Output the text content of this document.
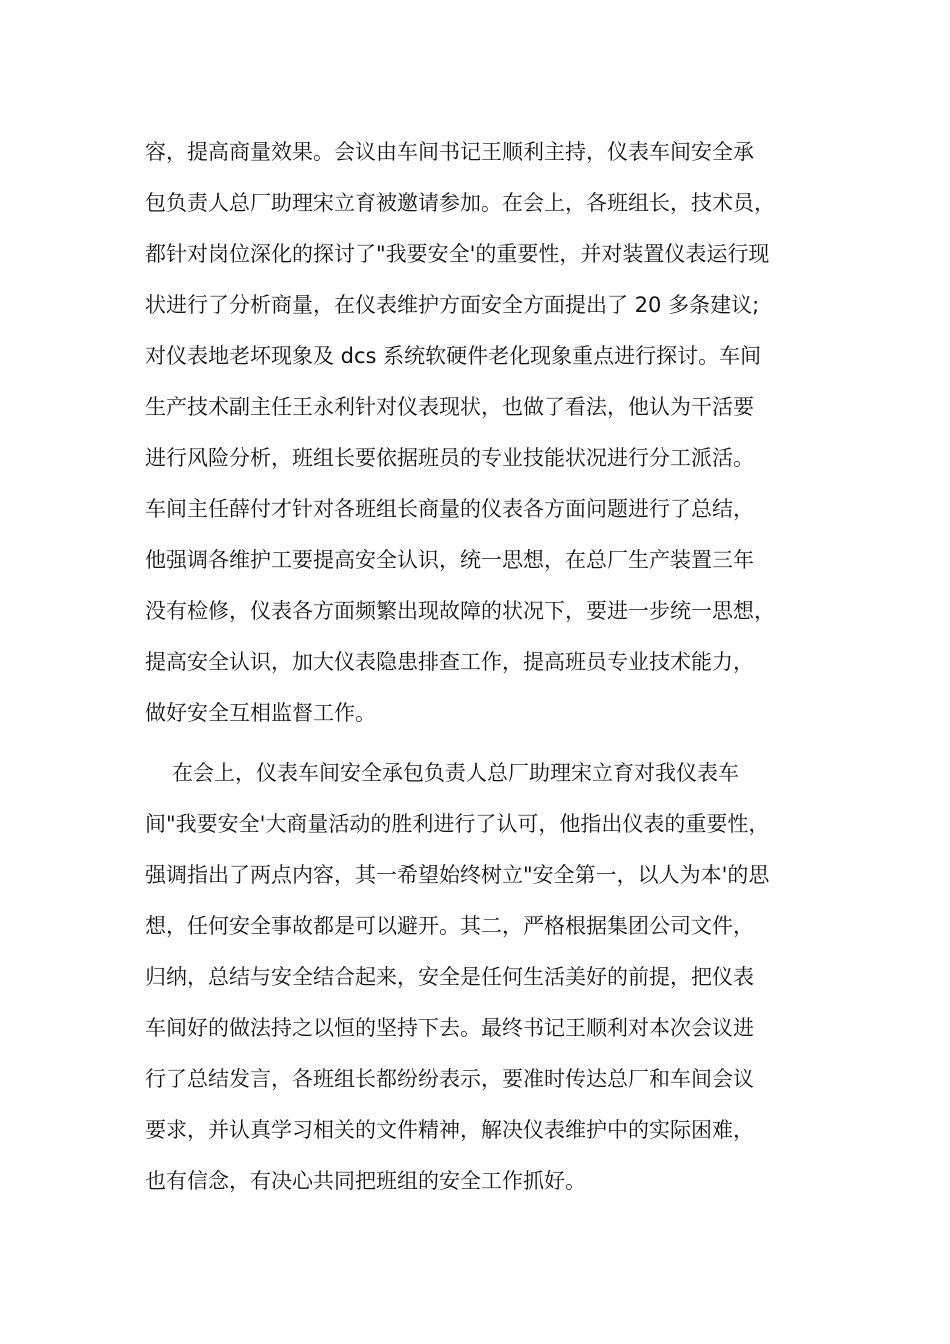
容，提高商量效果。会议由车间书记王顺利主持，仪表车间安全承
包负责人总厂助理宋立育被邀请参加。在会上，各班组长，技术员，
都针对岗位深化的探讨了"我要安全'的重要性，并对装置仪表运行现
状进行了分析商量，在仪表维护方面安全方面提出了 20 多条建议;
对仪表地老坏现象及 dcs 系统软硬件老化现象重点进行探讨。车间
生产技术副主任王永利针对仪表现状，也做了看法，他认为干活要
进行风险分析，班组长要依据班员的专业技能状况进行分工派活。
车间主任薛付才针对各班组长商量的仪表各方面问题进行了总结，
他强调各维护工要提高安全认识，统一思想，在总厂生产装置三年
没有检修，仪表各方面频繁出现故障的状况下，要进一步统一思想，
提高安全认识，加大仪表隐患排查工作，提高班员专业技术能力，
做好安全互相监督工作。
在会上，仪表车间安全承包负责人总厂助理宋立育对我仪表车
间"我要安全'大商量活动的胜利进行了认可，他指出仪表的重要性，
强调指出了两点内容，其一希望始终树立"安全第一，以人为本'的思
想，任何安全事故都是可以避开。其二，严格根据集团公司文件，
归纳，总结与安全结合起来，安全是任何生活美好的前提，把仪表
车间好的做法持之以恒的坚持下去。最终书记王顺利对本次会议进
行了总结发言，各班组长都纷纷表示，要准时传达总厂和车间会议
要求，并认真学习相关的文件精神，解决仪表维护中的实际困难，
也有信念，有决心共同把班组的安全工作抓好。
